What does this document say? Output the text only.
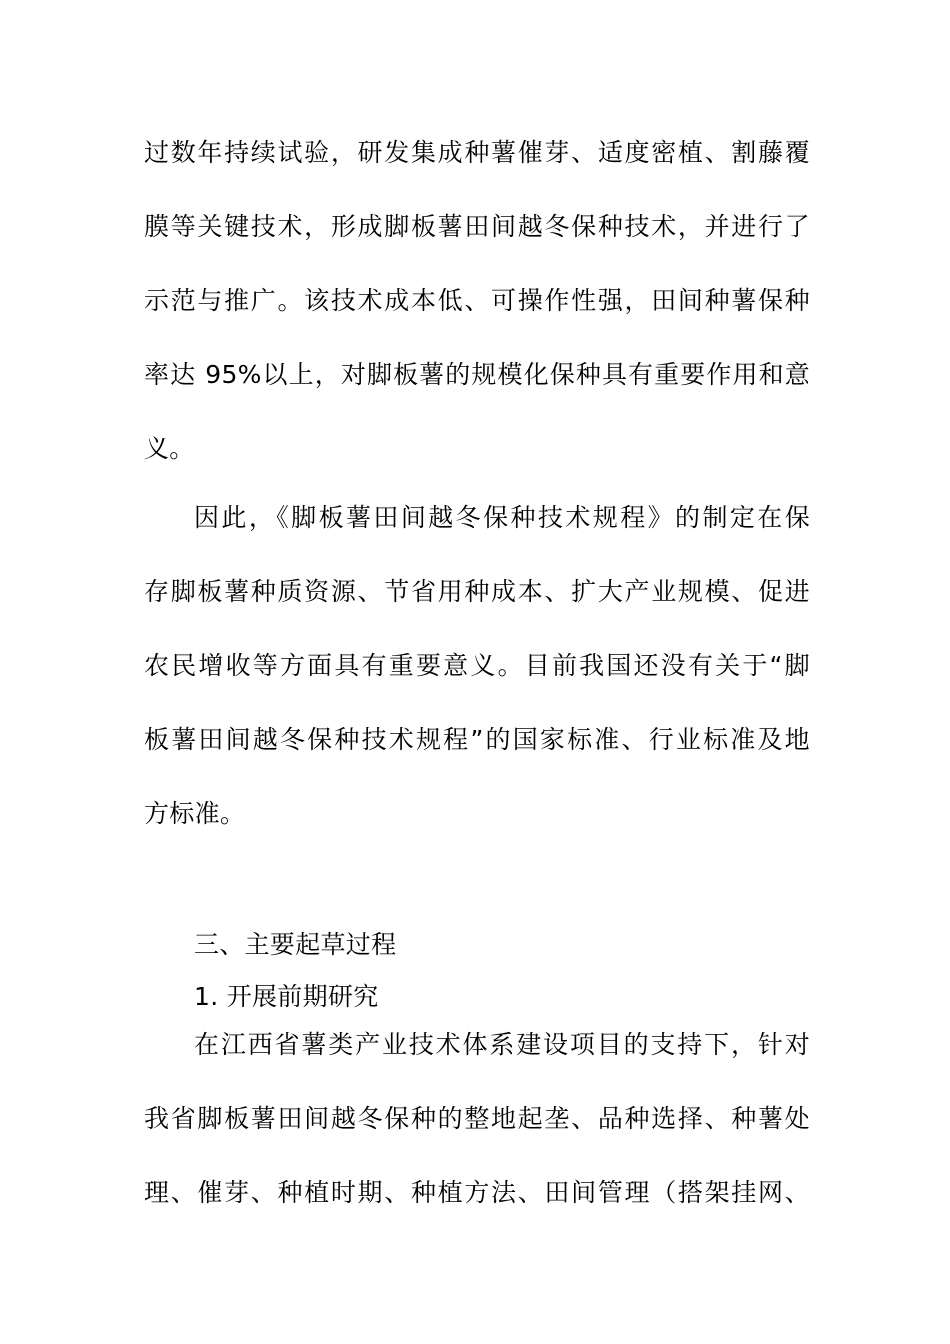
过数年持续试验，研发集成种薯催芽、适度密植、割藤覆
膜等关键技术，形成脚板薯田间越冬保种技术，并进行了
示范与推广。该技术成本低、可操作性强，田间种薯保种
率达 95%以上，对脚板薯的规模化保种具有重要作用和意
义。
因此，《脚板薯田间越冬保种技术规程》的制定在保
存脚板薯种质资源、节省用种成本、扩大产业规模、促进
农民增收等方面具有重要意义。目前我国还没有关于“脚
板薯田间越冬保种技术规程”的国家标准、行业标准及地
方标准。
三、主要起草过程
1. 开展前期研究
在江西省薯类产业技术体系建设项目的支持下，针对
我省脚板薯田间越冬保种的整地起垄、品种选择、种薯处
理、催芽、种植时期、种植方法、田间管理（搭架挂网、
